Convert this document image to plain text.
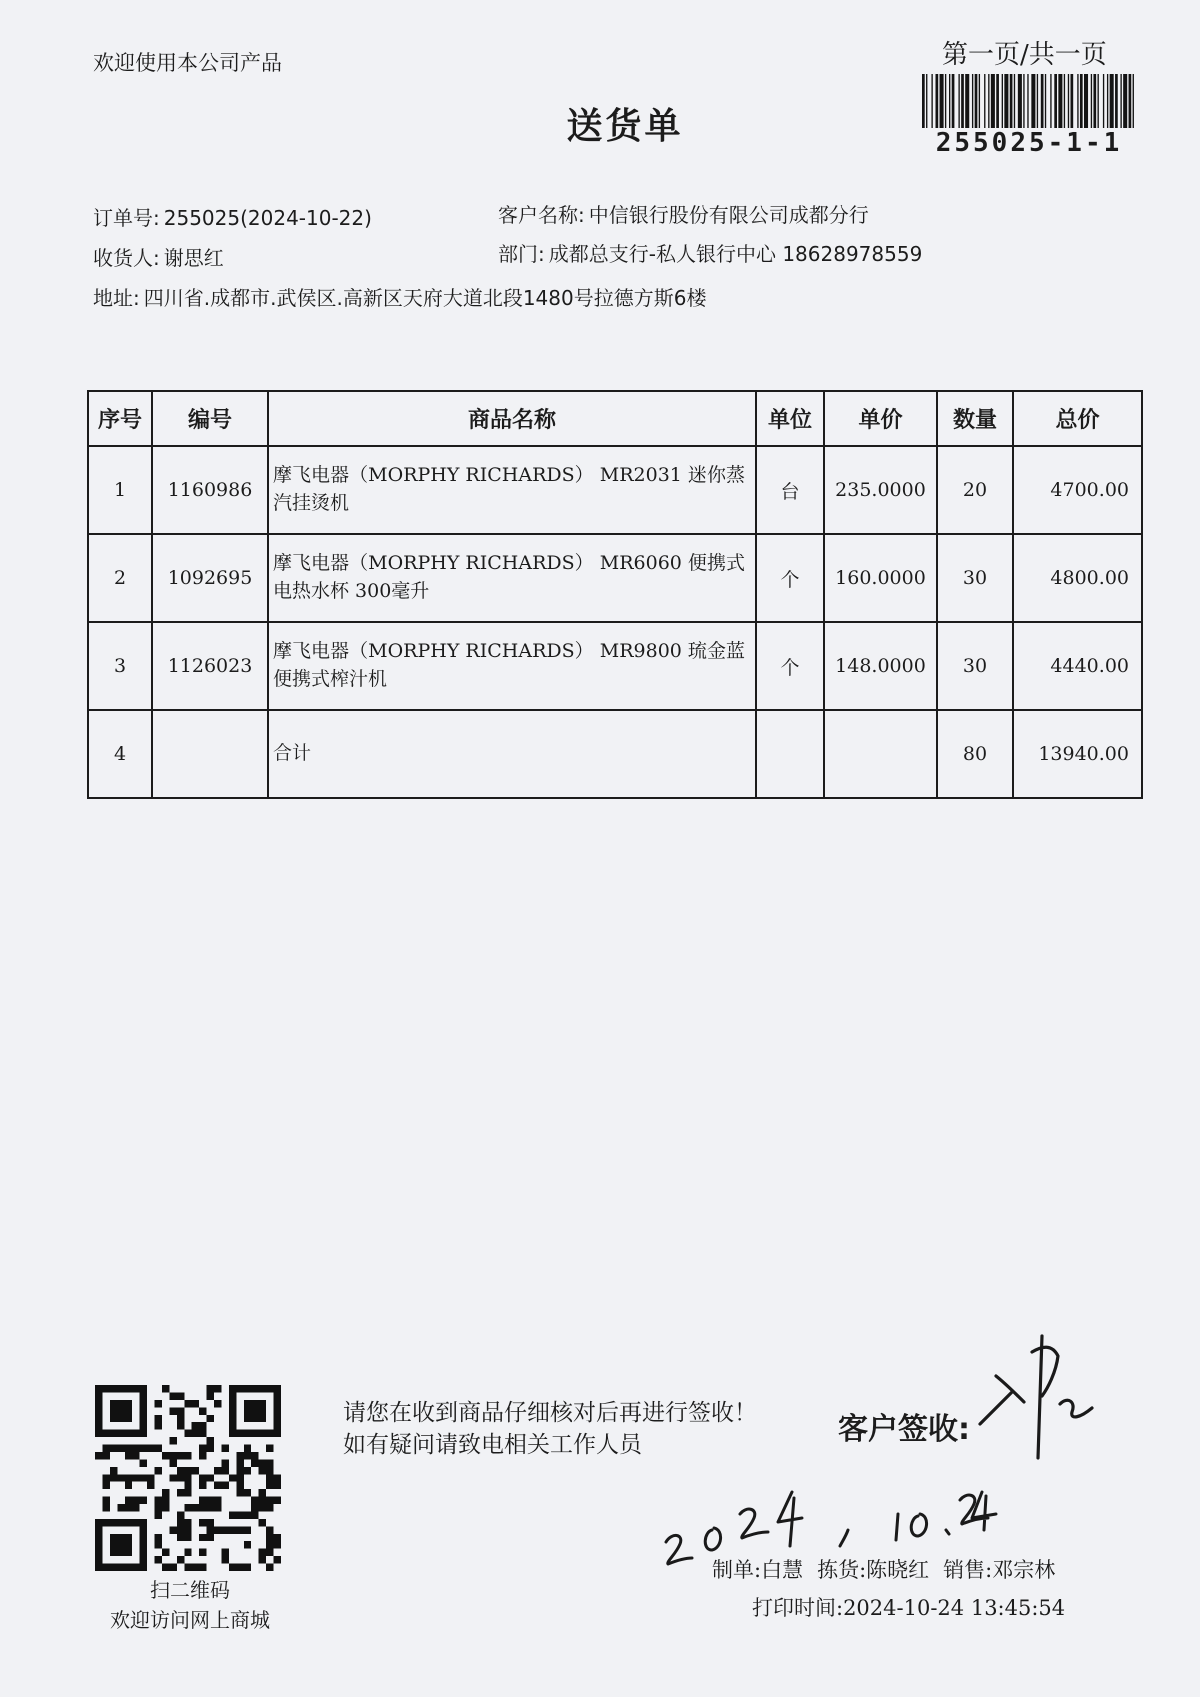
欢迎使用本公司产品	第一页/共一页
255025-1-1
送货单
订单号: 255025(2024-10-22)	客户名称: 中信银行股份有限公司成都分行
收货人: 谢思红	部门: 成都总支行-私人银行中心 18628978559
地址: 四川省.成都市.武侯区.高新区天府大道北段1480号拉德方斯6楼
序号	编号	商品名称	单位	单价	数量	总价
1	1160986	摩飞电器（MORPHY RICHARDS） MR2031 迷你蒸汽挂烫机	台	235.0000	20	4700.00
2	1092695	摩飞电器（MORPHY RICHARDS） MR6060 便携式电热水杯 300毫升	个	160.0000	30	4800.00
3	1126023	摩飞电器（MORPHY RICHARDS） MR9800 琉金蓝 便携式榨汁机	个	148.0000	30	4440.00
4		合计			80	13940.00
扫二维码
欢迎访问网上商城
请您在收到商品仔细核对后再进行签收！如有疑问请致电相关工作人员	客户签收:
制单:白慧 拣货:陈晓红 销售:邓宗林
打印时间:2024-10-24 13:45:54
